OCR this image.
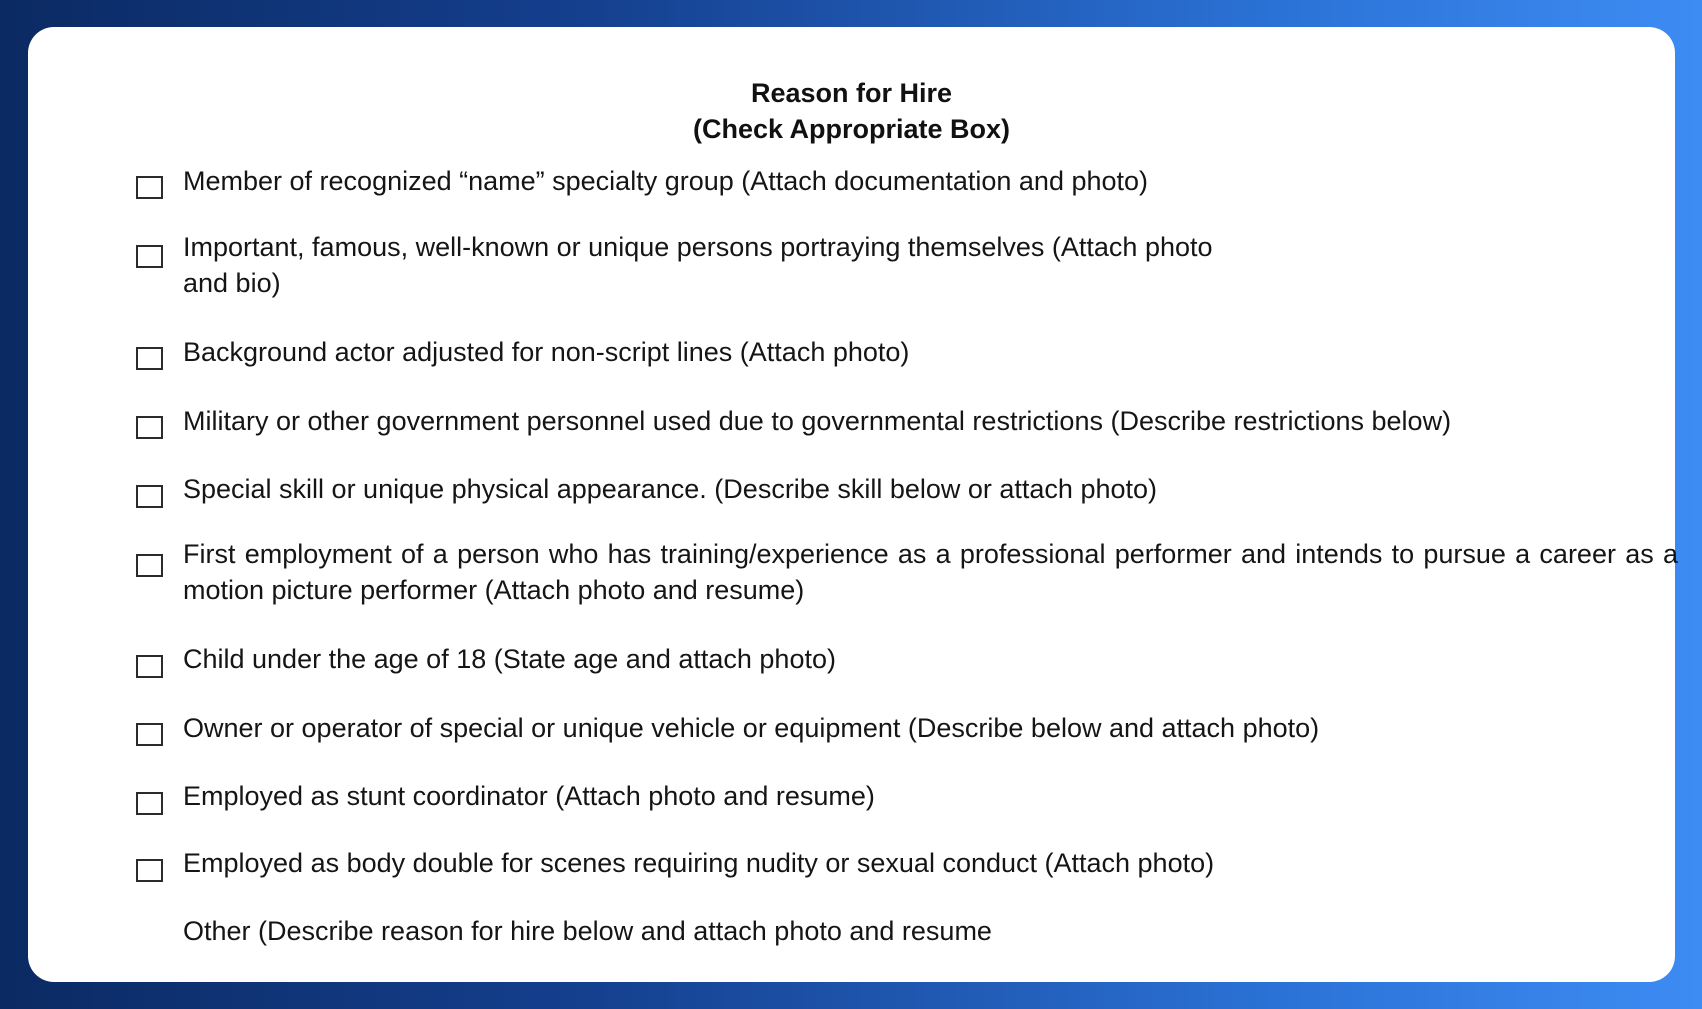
Reason for Hire
(Check Appropriate Box)
Member of recognized “name” specialty group (Attach documentation and photo)
Important, famous, well-known or unique persons portraying themselves (Attach photo and bio)
Background actor adjusted for non-script lines (Attach photo)
Military or other government personnel used due to governmental restrictions (Describe restrictions below)
Special skill or unique physical appearance. (Describe skill below or attach photo)
First employment of a person who has training/experience as a professional performer and intends to pursue a career as a motion picture performer (Attach photo and resume)
Child under the age of 18 (State age and attach photo)
Owner or operator of special or unique vehicle or equipment (Describe below and attach photo)
Employed as stunt coordinator (Attach photo and resume)
Employed as body double for scenes requiring nudity or sexual conduct (Attach photo)
Other (Describe reason for hire below and attach photo and resume
